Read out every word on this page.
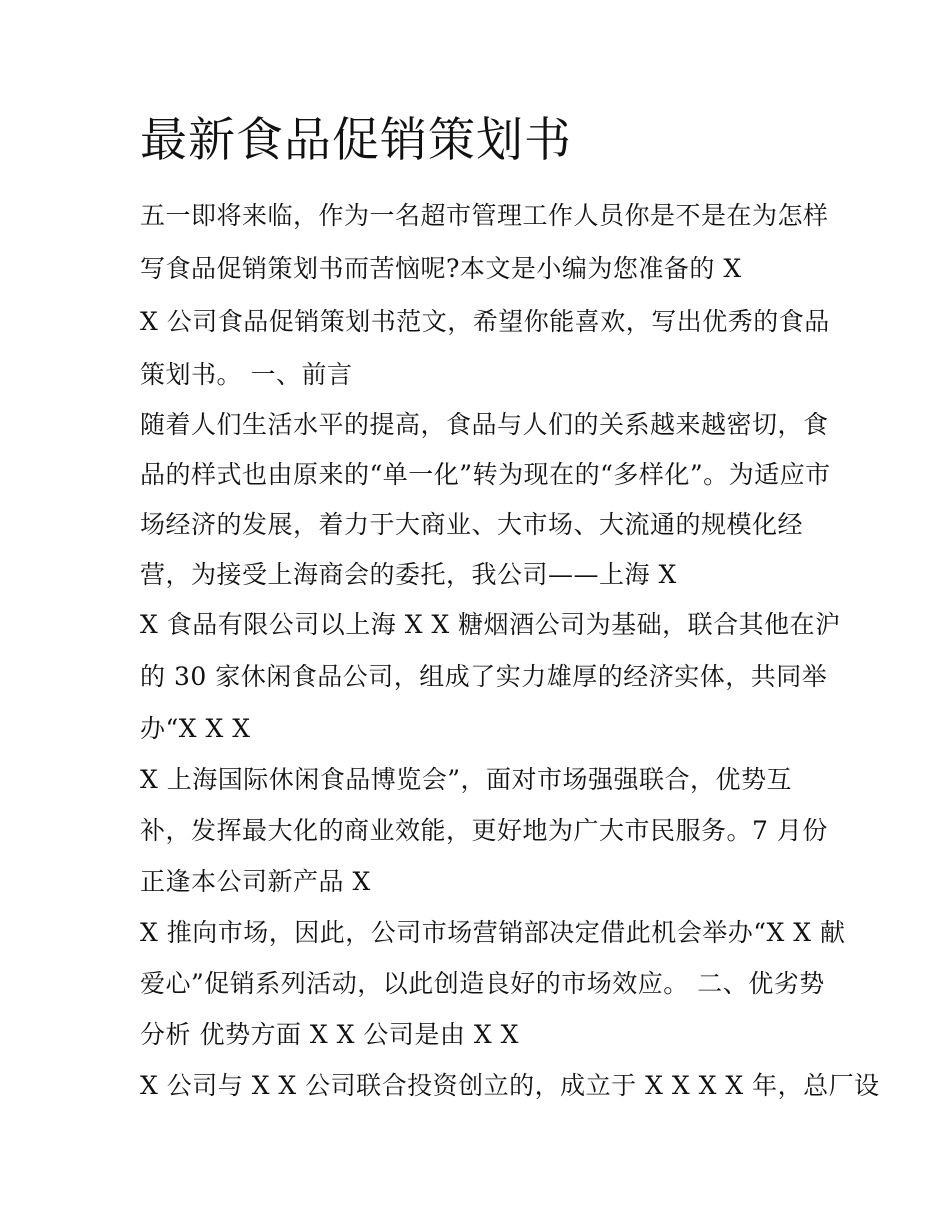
最新食品促销策划书

五一即将来临，作为一名超市管理工作人员你是不是在为怎样

写食品促销策划书而苦恼呢?本文是小编为您准备的 X

X 公司食品促销策划书范文，希望你能喜欢，写出优秀的食品

策划书。 一、前言

随着人们生活水平的提高，食品与人们的关系越来越密切，食

品的样式也由原来的“单一化”转为现在的“多样化”。为适应市

场经济的发展，着力于大商业、大市场、大流通的规模化经

营，为接受上海商会的委托，我公司——上海 X

X 食品有限公司以上海 X X 糖烟酒公司为基础，联合其他在沪

的 30 家休闲食品公司，组成了实力雄厚的经济实体，共同举

办“X X X

X 上海国际休闲食品博览会”，面对市场强强联合，优势互

补，发挥最大化的商业效能，更好地为广大市民服务。7 月份

正逢本公司新产品 X

X 推向市场，因此，公司市场营销部决定借此机会举办“X X 献

爱心”促销系列活动，以此创造良好的市场效应。 二、优劣势

分析 优势方面 X X 公司是由 X X

X 公司与 X X 公司联合投资创立的，成立于 X X X X 年，总厂设
